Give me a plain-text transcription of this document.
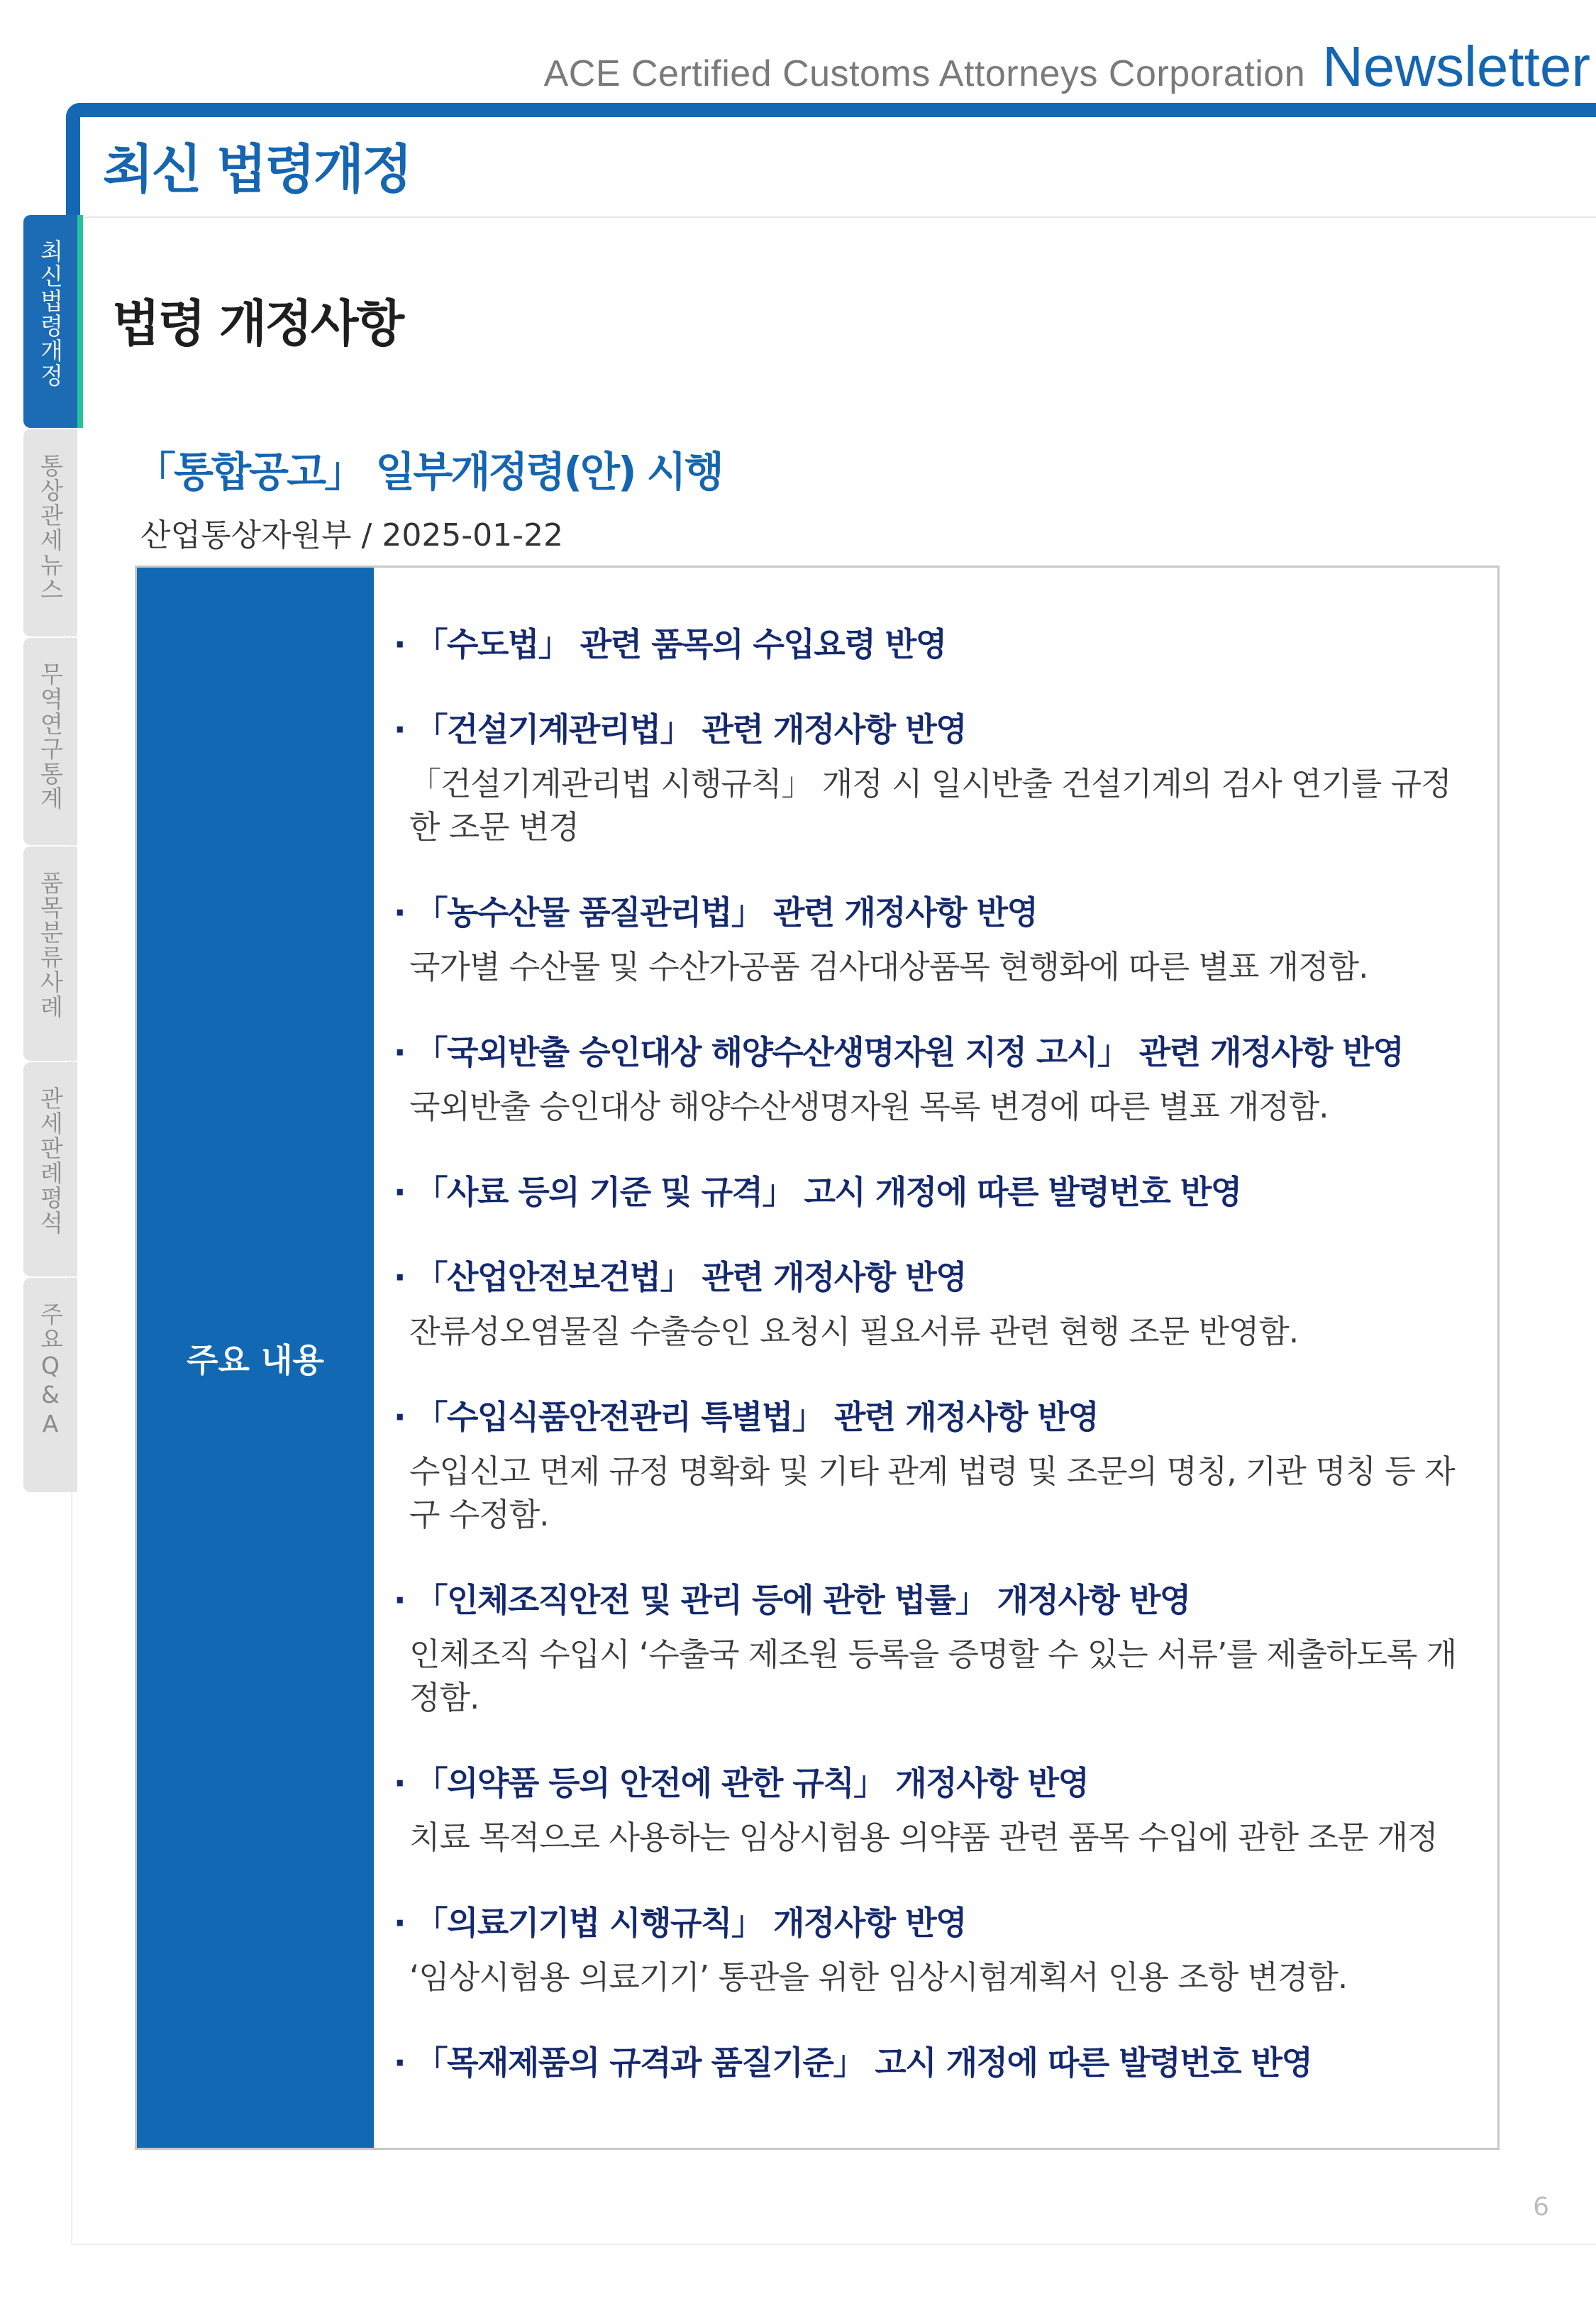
ACE Certified Customs Attorneys Corporation Newsletter
최신 법령개정
최신법령개정
통상관세뉴스
무역연구통계
품목분류사례
관세판례평석
주요Q&A
법령 개정사항
「통합공고」 일부개정령(안) 시행
산업통상자원부 / 2025-01-22
주요 내용
· 「수도법」 관련 품목의 수입요령 반영
· 「건설기계관리법」 관련 개정사항 반영
「건설기계관리법 시행규칙」 개정 시 일시반출 건설기계의 검사 연기를 규정 한 조문 변경
· 「농수산물 품질관리법」 관련 개정사항 반영
국가별 수산물 및 수산가공품 검사대상품목 현행화에 따른 별표 개정함.
· 「국외반출 승인대상 해양수산생명자원 지정 고시」 관련 개정사항 반영
국외반출 승인대상 해양수산생명자원 목록 변경에 따른 별표 개정함.
· 「사료 등의 기준 및 규격」 고시 개정에 따른 발령번호 반영
· 「산업안전보건법」 관련 개정사항 반영
잔류성오염물질 수출승인 요청시 필요서류 관련 현행 조문 반영함.
· 「수입식품안전관리 특별법」 관련 개정사항 반영
수입신고 면제 규정 명확화 및 기타 관계 법령 및 조문의 명칭, 기관 명칭 등 자구 수정함.
· 「인체조직안전 및 관리 등에 관한 법률」 개정사항 반영
인체조직 수입시 ‘수출국 제조원 등록을 증명할 수 있는 서류’를 제출하도록 개정함.
· 「의약품 등의 안전에 관한 규칙」 개정사항 반영
치료 목적으로 사용하는 임상시험용 의약품 관련 품목 수입에 관한 조문 개정
· 「의료기기법 시행규칙」 개정사항 반영
‘임상시험용 의료기기’ 통관을 위한 임상시험계획서 인용 조항 변경함.
· 「목재제품의 규격과 품질기준」 고시 개정에 따른 발령번호 반영
6
